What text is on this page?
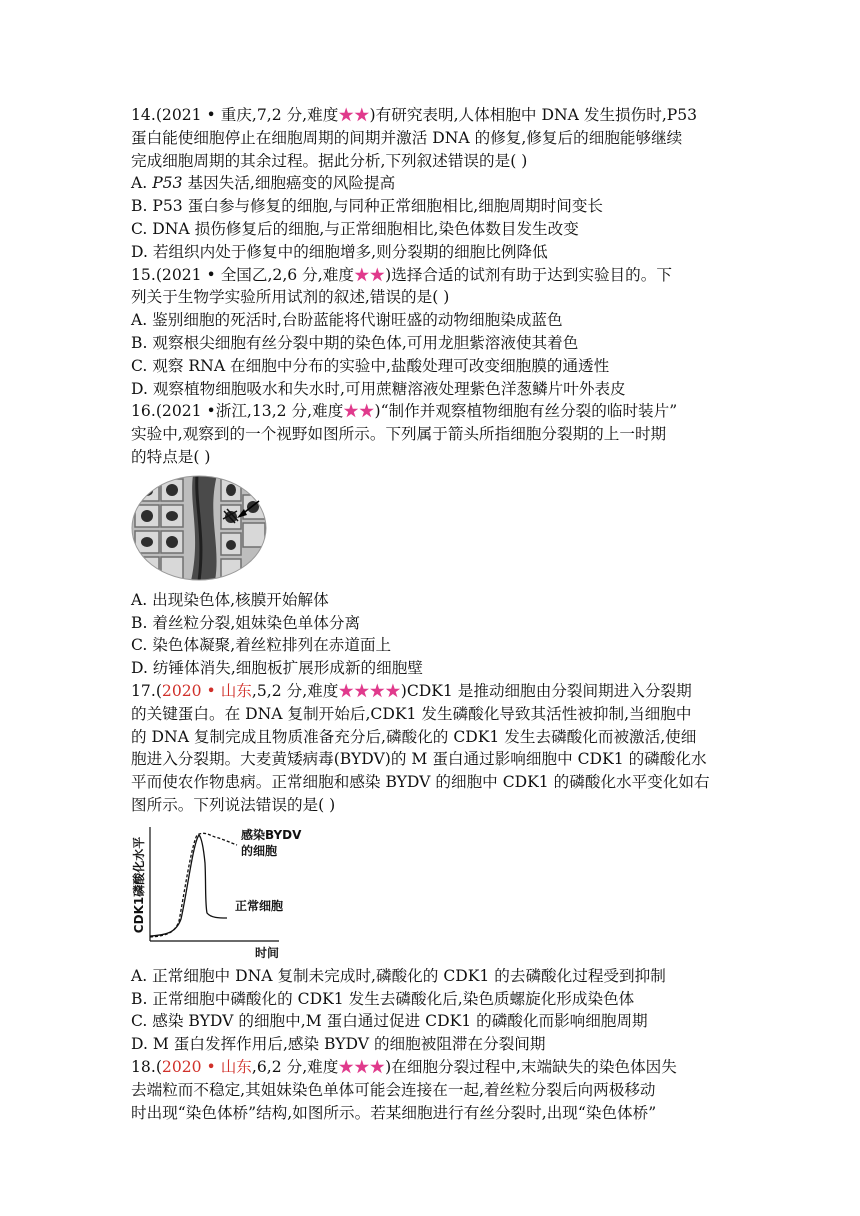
14.(2021 • 重庆,7,2 分,难度★★)有研究表明,人体相胞中 DNA 发生损伤时,P53
蛋白能使细胞停止在细胞周期的间期并激活 DNA 的修复,修复后的细胞能够继续
完成细胞周期的其余过程。据此分析,下列叙述错误的是( )
A. P53 基因失活,细胞癌变的风险提高
B. P53 蛋白参与修复的细胞,与同种正常细胞相比,细胞周期时间变长
C. DNA 损伤修复后的细胞,与正常细胞相比,染色体数目发生改变
D. 若组织内处于修复中的细胞增多,则分裂期的细胞比例降低
15.(2021 • 全国乙,2,6 分,难度★★)选择合适的试剂有助于达到实验目的。下
列关于生物学实验所用试剂的叙述,错误的是( )
A. 鉴别细胞的死活时,台盼蓝能将代谢旺盛的动物细胞染成蓝色
B. 观察根尖细胞有丝分裂中期的染色体,可用龙胆紫溶液使其着色
C. 观察 RNA 在细胞中分布的实验中,盐酸处理可改变细胞膜的通透性
D. 观察植物细胞吸水和失水时,可用蔗糖溶液处理紫色洋葱鳞片叶外表皮
16.(2021 •浙江,13,2 分,难度★★)“制作并观察植物细胞有丝分裂的临时装片”
实验中,观察到的一个视野如图所示。下列属于箭头所指细胞分裂期的上一时期
的特点是( )
A. 出现染色体,核膜开始解体
B. 着丝粒分裂,姐妹染色单体分离
C. 染色体凝聚,着丝粒排列在赤道面上
D. 纺锤体消失,细胞板扩展形成新的细胞壁
17.(2020 • 山东,5,2 分,难度★★★★)CDK1 是推动细胞由分裂间期进入分裂期
的关键蛋白。在 DNA 复制开始后,CDK1 发生磷酸化导致其活性被抑制,当细胞中
的 DNA 复制完成且物质准备充分后,磷酸化的 CDK1 发生去磷酸化而被激活,使细
胞进入分裂期。大麦黄矮病毒(BYDV)的 M 蛋白通过影响细胞中 CDK1 的磷酸化水
平而使农作物患病。正常细胞和感染 BYDV 的细胞中 CDK1 的磷酸化水平变化如右
图所示。下列说法错误的是( )
CDK1磷酸化水平
感染BYDV
的细胞
正常细胞
时间
A. 正常细胞中 DNA 复制未完成时,磷酸化的 CDK1 的去磷酸化过程受到抑制
B. 正常细胞中磷酸化的 CDK1 发生去磷酸化后,染色质螺旋化形成染色体
C. 感染 BYDV 的细胞中,M 蛋白通过促进 CDK1 的磷酸化而影响细胞周期
D. M 蛋白发挥作用后,感染 BYDV 的细胞被阻滞在分裂间期
18.(2020 • 山东,6,2 分,难度★★★)在细胞分裂过程中,末端缺失的染色体因失
去端粒而不稳定,其姐妹染色单体可能会连接在一起,着丝粒分裂后向两极移动
时出现“染色体桥”结构,如图所示。若某细胞进行有丝分裂时,出现“染色体桥”
